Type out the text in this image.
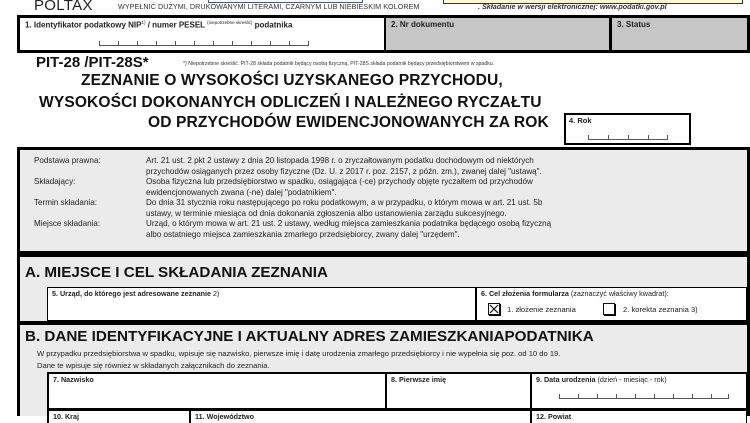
POLTAX	WYPEŁNIĆ DUŻYMI, DRUKOWANYMI LITERAMI, CZARNYM LUB NIEBIESKIM KOLOREM	. Składanie w wersji elektronicznej: www.podatki.gov.pl
1. Identyfikator podatkowy NIP$^{1)}$ / numer PESEL $^{(niepotrzebne skreślić)}$ podatnika	2. Nr dokumentu	3. Status
PIT-28 /PIT-28S*	*) Niepotrzebne skreślić. PIT-28 składa podatnik będący osobą fizyczną, PIT-28S składa podatnik będący przedsiębiorstwem w spadku.
ZEZNANIE O WYSOKOŚCI UZYSKANEGO PRZYCHODU,
WYSOKOŚCI DOKONANYCH ODLICZEŃ I NALEŻNEGO RYCZAŁTU
OD PRZYCHODÓW EWIDENCJONOWANYCH ZA ROK	4. Rok
Podstawa prawna:	Art. 21 ust. 2 pkt 2 ustawy z dnia 20 listopada 1998 r. o zryczałtowanym podatku dochodowym od niektórych
przychodów osiąganych przez osoby fizyczne (Dz. U. z 2017 r. poz. 2157, z późn. zm.), zwanej dalej "ustawą".
Składający:	Osoba fizyczna lub przedsiębiorstwo w spadku, osiągająca (-ce) przychody objęte ryczałtem od przychodów
ewidencjonowanych zwana (-ne) dalej "podatnikiem".
Termin składania:	Do dnia 31 stycznia roku następującego po roku podatkowym, a w przypadku, o którym mowa w art. 21 ust. 5b
ustawy, w terminie miesiąca od dnia dokonania zgłoszenia albo ustanowienia zarządu sukcesyjnego.
Miejsce składania:	Urząd, o którym mowa w art. 21 ust. 2 ustawy, według miejsca zamieszkania podatnika będącego osobą fizyczną
albo ostatniego miejsca zamieszkania zmarłego przedsiębiorcy, zwany dalej "urzędem".
A. MIEJSCE I CEL SKŁADANIA ZEZNANIA
5. Urząd, do którego jest adresowane zeznanie 2)	6. Cel złożenia formularza (zaznaczyć właściwy kwadrat):
1. złożenie zeznania	2. korekta zeznania 3)
B. DANE IDENTYFIKACYJNE I AKTUALNY ADRES ZAMIESZKANIAPODATNIKA
W przypadku przedsiębiorstwa w spadku, wpisuje się nazwisko, pierwsze imię i datę urodzenia zmarłego przedsiębiorcy i nie wypełnia się poz. od 10 do 19.
Dane te wpisuje się również w składanych załącznikach do zeznania.
7. Nazwisko	8. Pierwsze imię	9. Data urodzenia (dzień - miesiąc - rok)
10. Kraj	11. Województwo	12. Powiat
